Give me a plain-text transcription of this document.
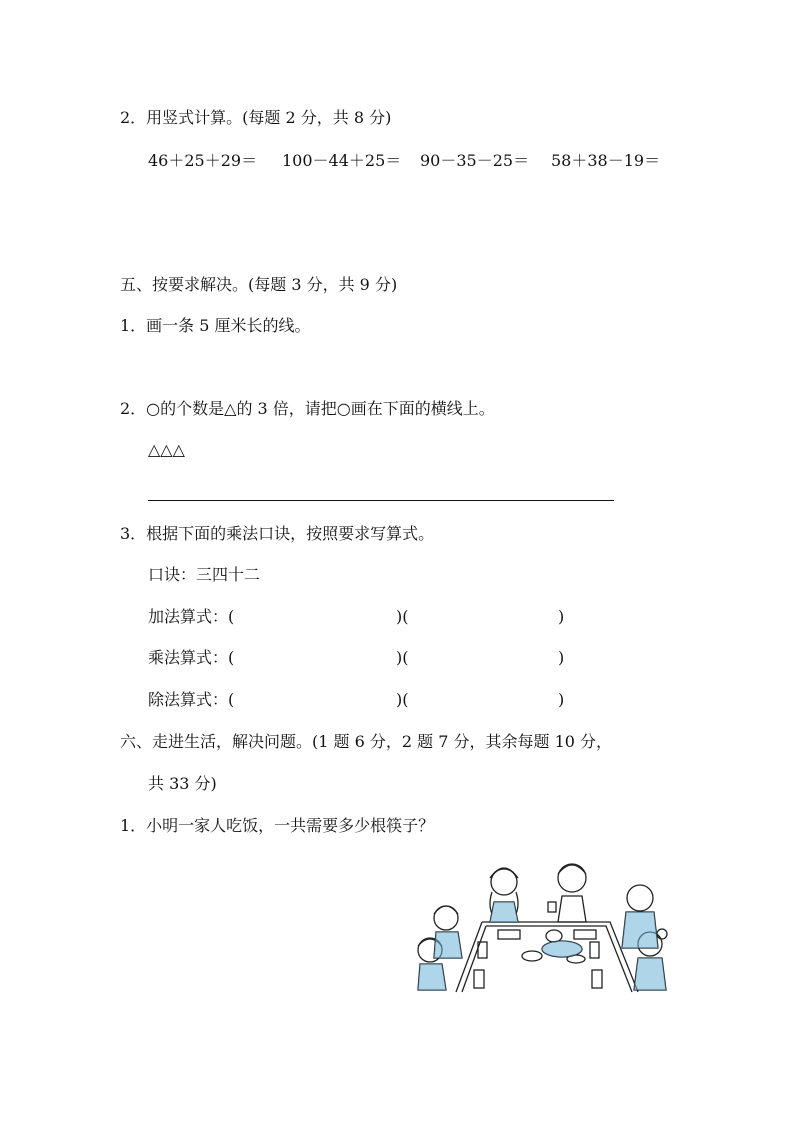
2．用竖式计算。(每题 2 分，共 8 分)
46＋25＋29＝ 100－44＋25＝ 90－35－25＝ 58＋38－19＝
五、按要求解决。(每题 3 分，共 9 分)
1．画一条 5 厘米长的线。
2．○的个数是△的 3 倍，请把○画在下面的横线上。
△△△
3．根据下面的乘法口诀，按照要求写算式。
口诀：三四十二
加法算式：(	)(	)
乘法算式：(	)(	)
除法算式：(	)(	)
六、走进生活，解决问题。(1 题 6 分，2 题 7 分，其余每题 10 分，
共 33 分)
1．小明一家人吃饭，一共需要多少根筷子？
